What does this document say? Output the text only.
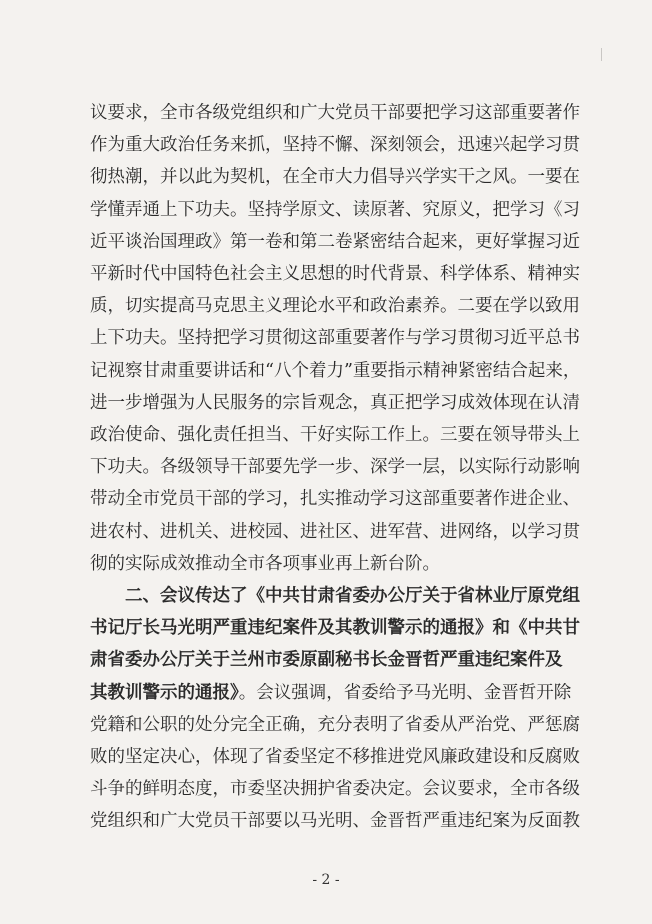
议要求，全市各级党组织和广大党员干部要把学习这部重要著作
作为重大政治任务来抓，坚持不懈、深刻领会，迅速兴起学习贯
彻热潮，并以此为契机，在全市大力倡导兴学实干之风。一要在
学懂弄通上下功夫。坚持学原文、读原著、究原义，把学习《习
近平谈治国理政》第一卷和第二卷紧密结合起来，更好掌握习近
平新时代中国特色社会主义思想的时代背景、科学体系、精神实
质，切实提高马克思主义理论水平和政治素养。二要在学以致用
上下功夫。坚持把学习贯彻这部重要著作与学习贯彻习近平总书
记视察甘肃重要讲话和“八个着力”重要指示精神紧密结合起来，
进一步增强为人民服务的宗旨观念，真正把学习成效体现在认清
政治使命、强化责任担当、干好实际工作上。三要在领导带头上
下功夫。各级领导干部要先学一步、深学一层，以实际行动影响
带动全市党员干部的学习，扎实推动学习这部重要著作进企业、
进农村、进机关、进校园、进社区、进军营、进网络，以学习贯
彻的实际成效推动全市各项事业再上新台阶。

二、会议传达了《中共甘肃省委办公厅关于省林业厅原党组
书记厅长马光明严重违纪案件及其教训警示的通报》和《中共甘
肃省委办公厅关于兰州市委原副秘书长金晋哲严重违纪案件及
其教训警示的通报》。会议强调，省委给予马光明、金晋哲开除
党籍和公职的处分完全正确，充分表明了省委从严治党、严惩腐
败的坚定决心，体现了省委坚定不移推进党风廉政建设和反腐败
斗争的鲜明态度，市委坚决拥护省委决定。会议要求，全市各级
党组织和广大党员干部要以马光明、金晋哲严重违纪案为反面教

- 2 -
